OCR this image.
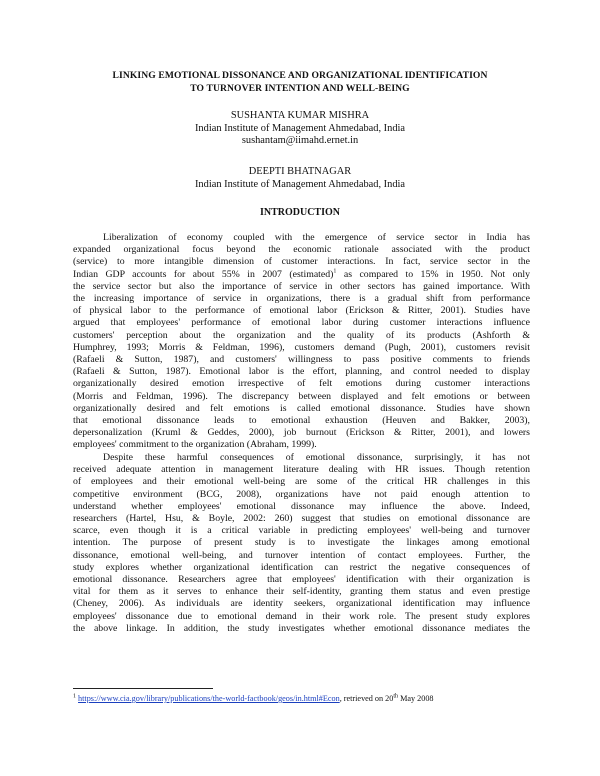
LINKING EMOTIONAL DISSONANCE AND ORGANIZATIONAL IDENTIFICATION
TO TURNOVER INTENTION AND WELL-BEING
SUSHANTA KUMAR MISHRA
Indian Institute of Management Ahmedabad, India
sushantam@iimahd.ernet.in
DEEPTI BHATNAGAR
Indian Institute of Management Ahmedabad, India
INTRODUCTION
Liberalization of economy coupled with the emergence of service sector in India has
expanded organizational focus beyond the economic rationale associated with the product
(service) to more intangible dimension of customer interactions. In fact, service sector in the
Indian GDP accounts for about 55% in 2007 (estimated)$^1$ as compared to 15% in 1950. Not only
the service sector but also the importance of service in other sectors has gained importance. With
the increasing importance of service in organizations, there is a gradual shift from performance
of physical labor to the performance of emotional labor (Erickson & Ritter, 2001). Studies have
argued that employees' performance of emotional labor during customer interactions influence
customers' perception about the organization and the quality of its products (Ashforth &
Humphrey, 1993; Morris & Feldman, 1996), customers demand (Pugh, 2001), customers revisit
(Rafaeli & Sutton, 1987), and customers' willingness to pass positive comments to friends
(Rafaeli & Sutton, 1987). Emotional labor is the effort, planning, and control needed to display
organizationally desired emotion irrespective of felt emotions during customer interactions
(Morris and Feldman, 1996). The discrepancy between displayed and felt emotions or between
organizationally desired and felt emotions is called emotional dissonance. Studies have shown
that emotional dissonance leads to emotional exhaustion (Heuven and Bakker, 2003),
depersonalization (Kruml & Geddes, 2000), job burnout (Erickson & Ritter, 2001), and lowers
employees' commitment to the organization (Abraham, 1999).
Despite these harmful consequences of emotional dissonance, surprisingly, it has not
received adequate attention in management literature dealing with HR issues. Though retention
of employees and their emotional well-being are some of the critical HR challenges in this
competitive environment (BCG, 2008), organizations have not paid enough attention to
understand whether employees' emotional dissonance may influence the above. Indeed,
researchers (Hartel, Hsu, & Boyle, 2002: 260) suggest that studies on emotional dissonance are
scarce, even though it is a critical variable in predicting employees' well-being and turnover
intention. The purpose of present study is to investigate the linkages among emotional
dissonance, emotional well-being, and turnover intention of contact employees. Further, the
study explores whether organizational identification can restrict the negative consequences of
emotional dissonance. Researchers agree that employees' identification with their organization is
vital for them as it serves to enhance their self-identity, granting them status and even prestige
(Cheney, 2006). As individuals are identity seekers, organizational identification may influence
employees' dissonance due to emotional demand in their work role. The present study explores
the above linkage. In addition, the study investigates whether emotional dissonance mediates the
$^1$ https://www.cia.gov/library/publications/the-world-factbook/geos/in.html#Econ, retrieved on 20th May 2008
